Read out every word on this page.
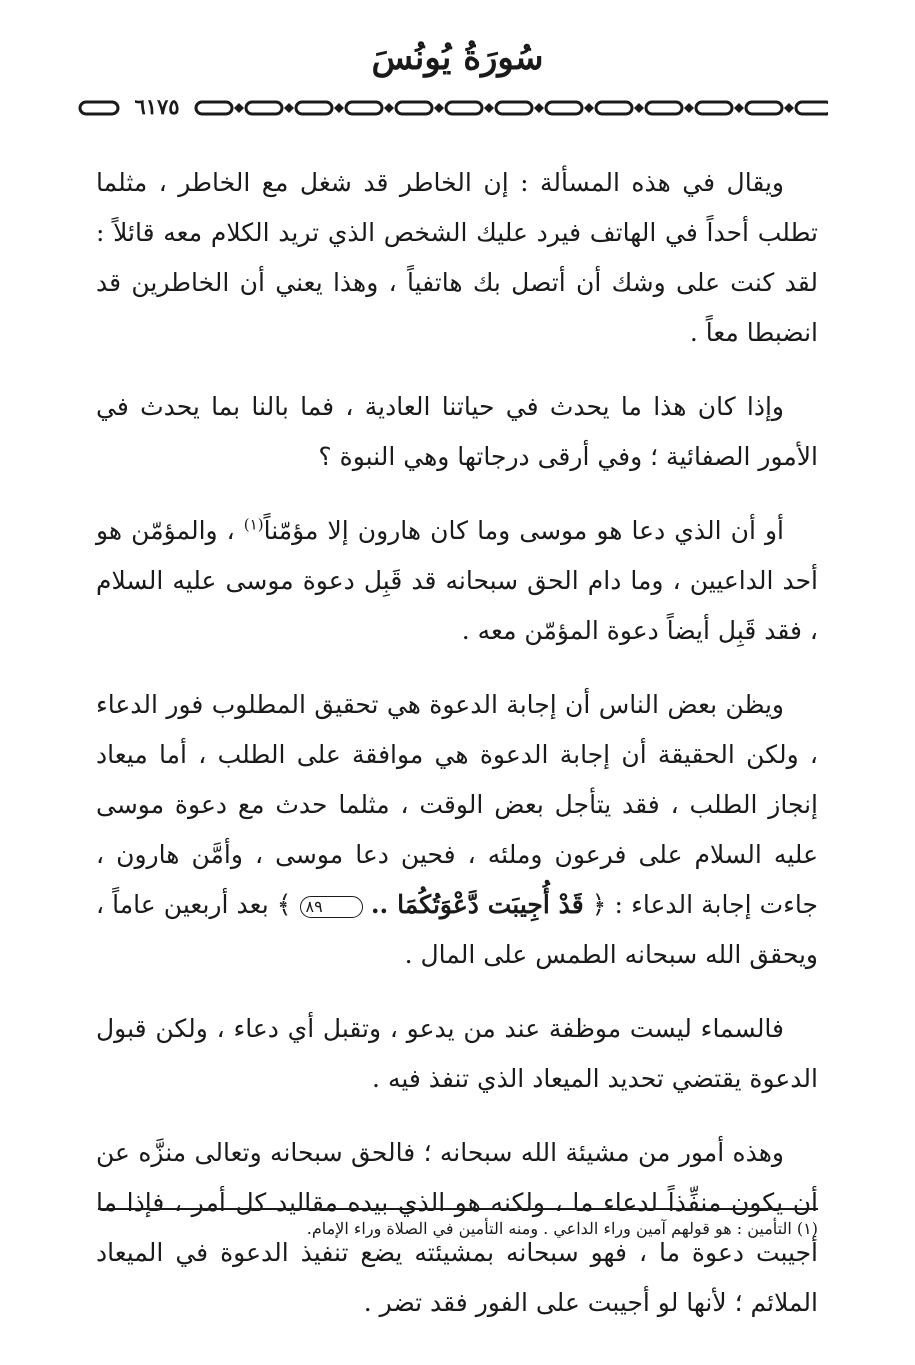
سُورَةُ يُونُسَ
٦١٧٥

ويقال في هذه المسألة : إن الخاطر قد شغل مع الخاطر ، مثلما تطلب أحداً في الهاتف فيرد عليك الشخص الذي تريد الكلام معه قائلاً : لقد كنت على وشك أن أتصل بك هاتفياً ، وهذا يعني أن الخاطرين قد انضبطا معاً .

وإذا كان هذا ما يحدث في حياتنا العادية ، فما بالنا بما يحدث في الأمور الصفائية ؛ وفي أرقى درجاتها وهي النبوة ؟

أو أن الذي دعا هو موسى وما كان هارون إلا مؤمّناً$^{(١)}$ ، والمؤمّن هو أحد الداعيين ، وما دام الحق سبحانه قد قَبِل دعوة موسى عليه السلام ، فقد قَبِل أيضاً دعوة المؤمّن معه .

ويظن بعض الناس أن إجابة الدعوة هي تحقيق المطلوب فور الدعاء ، ولكن الحقيقة أن إجابة الدعوة هي موافقة على الطلب ، أما ميعاد إنجاز الطلب ، فقد يتأجل بعض الوقت ، مثلما حدث مع دعوة موسى عليه السلام على فرعون وملئه ، فحين دعا موسى ، وأمَّن هارون ، جاءت إجابة الدعاء : ﴿ قَدْ أُجِيبَت دَّعْوَتُكُمَا .. ٨٩ ﴾ بعد أربعين عاماً ، ويحقق الله سبحانه الطمس على المال .

فالسماء ليست موظفة عند من يدعو ، وتقبل أي دعاء ، ولكن قبول الدعوة يقتضي تحديد الميعاد الذي تنفذ فيه .

وهذه أمور من مشيئة الله سبحانه ؛ فالحق سبحانه وتعالى منزَّه عن أن يكون منفِّذاً لدعاء ما ، ولكنه هو الذي بيده مقاليد كل أمر ، فإذا ما أجيبت دعوة ما ، فهو سبحانه بمشيئته يضع تنفيذ الدعوة في الميعاد الملائم ؛ لأنها لو أجيبت على الفور فقد تضر .

(١) التأمين : هو قولهم آمين وراء الداعي . ومنه التأمين في الصلاة وراء الإمام.
